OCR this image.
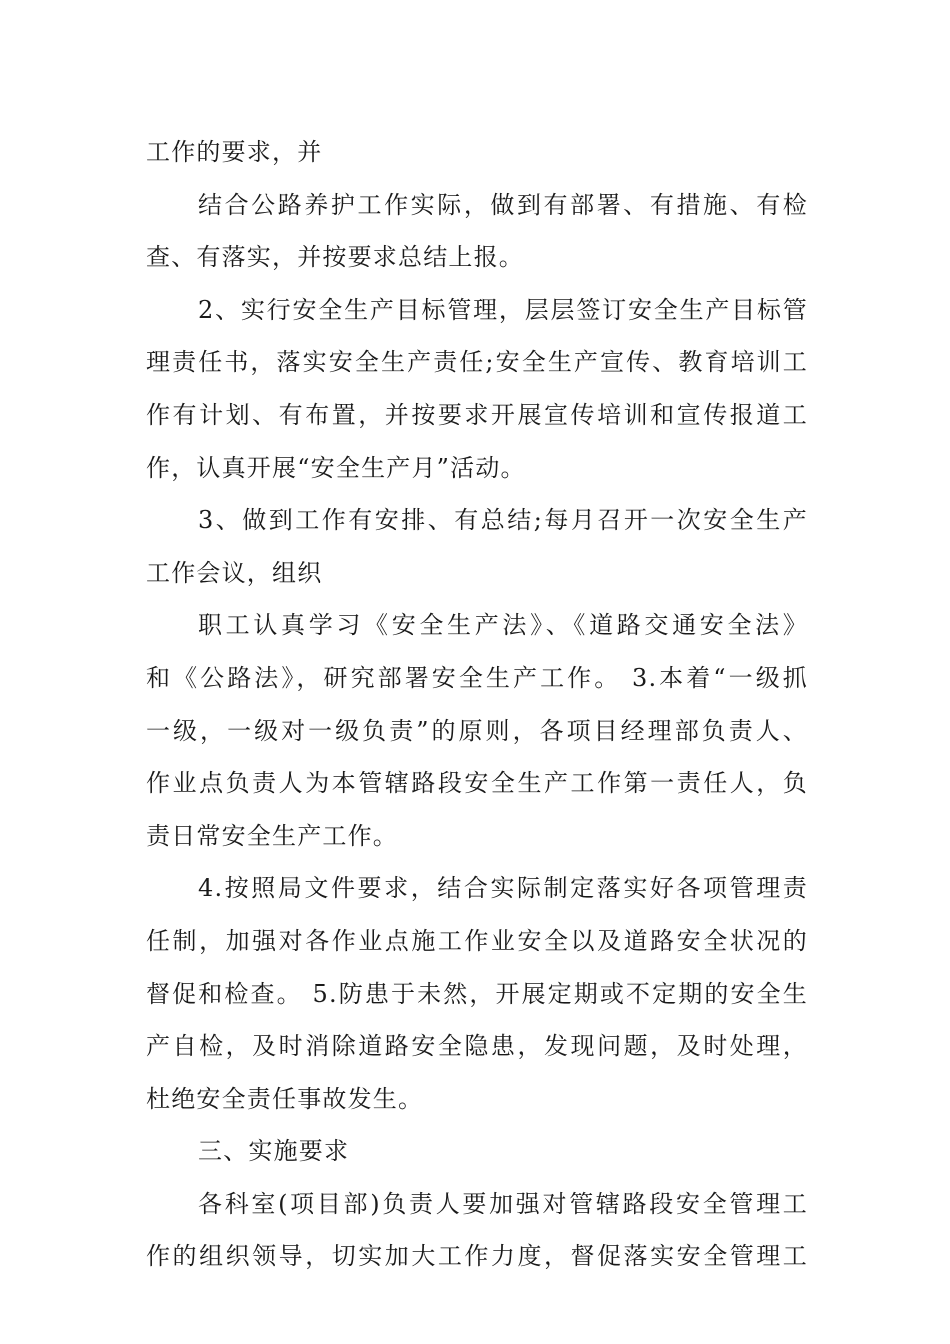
工作的要求，并
结合公路养护工作实际，做到有部署、有措施、有检
查、有落实，并按要求总结上报。
2、实行安全生产目标管理，层层签订安全生产目标管
理责任书，落实安全生产责任;安全生产宣传、教育培训工
作有计划、有布置，并按要求开展宣传培训和宣传报道工
作，认真开展“安全生产月”活动。
3、做到工作有安排、有总结;每月召开一次安全生产
工作会议，组织
职工认真学习《安全生产法》、《道路交通安全法》
和《公路法》，研究部署安全生产工作。 3.本着“一级抓
一级，一级对一级负责”的原则，各项目经理部负责人、
作业点负责人为本管辖路段安全生产工作第一责任人，负
责日常安全生产工作。
4.按照局文件要求，结合实际制定落实好各项管理责
任制，加强对各作业点施工作业安全以及道路安全状况的
督促和检查。 5.防患于未然，开展定期或不定期的安全生
产自检，及时消除道路安全隐患，发现问题，及时处理，
杜绝安全责任事故发生。
三、实施要求
各科室(项目部)负责人要加强对管辖路段安全管理工
作的组织领导，切实加大工作力度，督促落实安全管理工
